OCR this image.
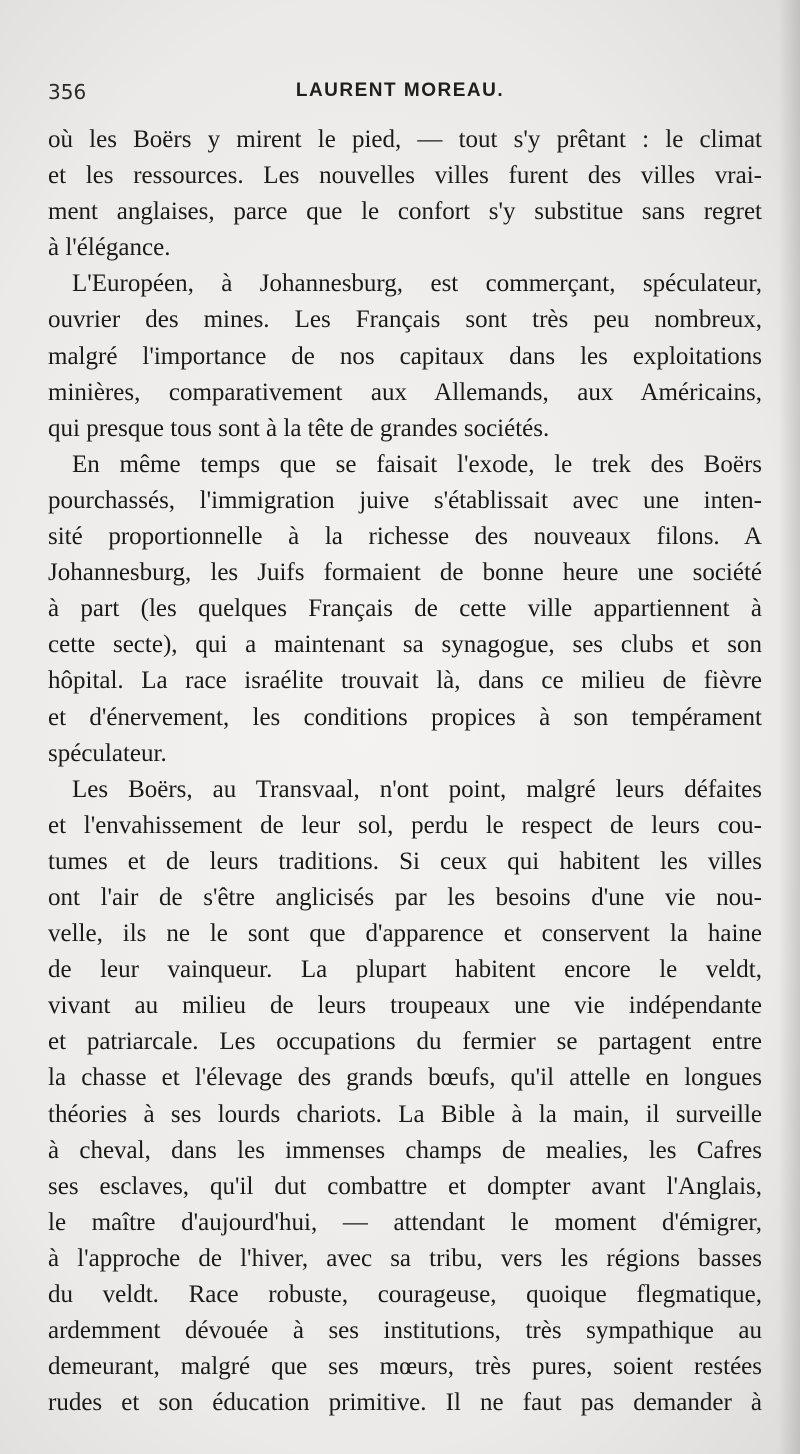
356	LAURENT MOREAU.
où les Boërs y mirent le pied, — tout s'y prêtant : le climat
et les ressources. Les nouvelles villes furent des villes vrai-
ment anglaises, parce que le confort s'y substitue sans regret
à l'élégance.
L'Européen, à Johannesburg, est commerçant, spéculateur,
ouvrier des mines. Les Français sont très peu nombreux,
malgré l'importance de nos capitaux dans les exploitations
minières, comparativement aux Allemands, aux Américains,
qui presque tous sont à la tête de grandes sociétés.
En même temps que se faisait l'exode, le trek des Boërs
pourchassés, l'immigration juive s'établissait avec une inten-
sité proportionnelle à la richesse des nouveaux filons. A
Johannesburg, les Juifs formaient de bonne heure une société
à part (les quelques Français de cette ville appartiennent à
cette secte), qui a maintenant sa synagogue, ses clubs et son
hôpital. La race israélite trouvait là, dans ce milieu de fièvre
et d'énervement, les conditions propices à son tempérament
spéculateur.
Les Boërs, au Transvaal, n'ont point, malgré leurs défaites
et l'envahissement de leur sol, perdu le respect de leurs cou-
tumes et de leurs traditions. Si ceux qui habitent les villes
ont l'air de s'être anglicisés par les besoins d'une vie nou-
velle, ils ne le sont que d'apparence et conservent la haine
de leur vainqueur. La plupart habitent encore le veldt,
vivant au milieu de leurs troupeaux une vie indépendante
et patriarcale. Les occupations du fermier se partagent entre
la chasse et l'élevage des grands bœufs, qu'il attelle en longues
théories à ses lourds chariots. La Bible à la main, il surveille
à cheval, dans les immenses champs de mealies, les Cafres
ses esclaves, qu'il dut combattre et dompter avant l'Anglais,
le maître d'aujourd'hui, — attendant le moment d'émigrer,
à l'approche de l'hiver, avec sa tribu, vers les régions basses
du veldt. Race robuste, courageuse, quoique flegmatique,
ardemment dévouée à ses institutions, très sympathique au
demeurant, malgré que ses mœurs, très pures, soient restées
rudes et son éducation primitive. Il ne faut pas demander à
